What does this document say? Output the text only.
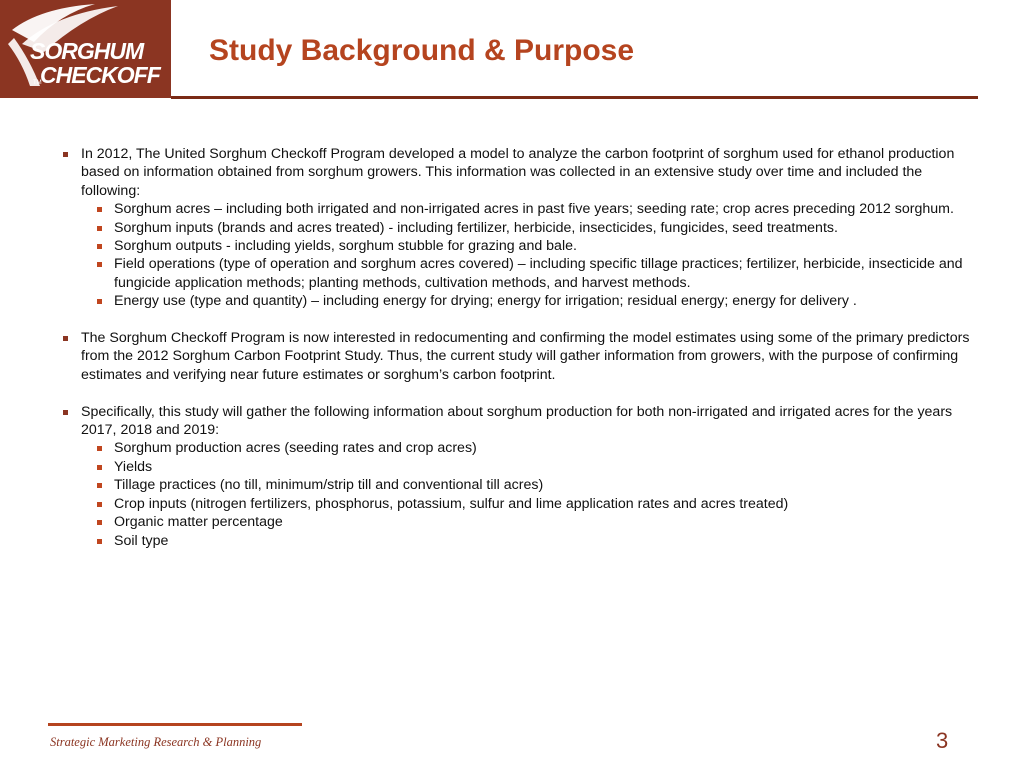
SORGHUM
CHECKOFF
TM
Study Background & Purpose
In 2012, The United Sorghum Checkoff Program developed a model to analyze the carbon footprint of sorghum used for ethanol production based on information obtained from sorghum growers. This information was collected in an extensive study over time and included the following:
Sorghum acres – including both irrigated and non-irrigated acres in past five years; seeding rate; crop acres preceding 2012 sorghum.
Sorghum inputs (brands and acres treated) - including fertilizer, herbicide, insecticides, fungicides, seed treatments.
Sorghum outputs - including yields, sorghum stubble for grazing and bale.
Field operations (type of operation and sorghum acres covered) – including specific tillage practices; fertilizer, herbicide, insecticide and fungicide application methods; planting methods, cultivation methods, and harvest methods.
Energy use (type and quantity) – including energy for drying; energy for irrigation; residual energy; energy for delivery .
The Sorghum Checkoff Program is now interested in redocumenting and confirming the model estimates using some of the primary predictors from the 2012 Sorghum Carbon Footprint Study. Thus, the current study will gather information from growers, with the purpose of confirming estimates and verifying near future estimates or sorghum’s carbon footprint.
Specifically, this study will gather the following information about sorghum production for both non-irrigated and irrigated acres for the years 2017, 2018 and 2019:
Sorghum production acres (seeding rates and crop acres)
Yields
Tillage practices (no till, minimum/strip till and conventional till acres)
Crop inputs (nitrogen fertilizers, phosphorus, potassium, sulfur and lime application rates and acres treated)
Organic matter percentage
Soil type
Strategic Marketing Research & Planning	3
